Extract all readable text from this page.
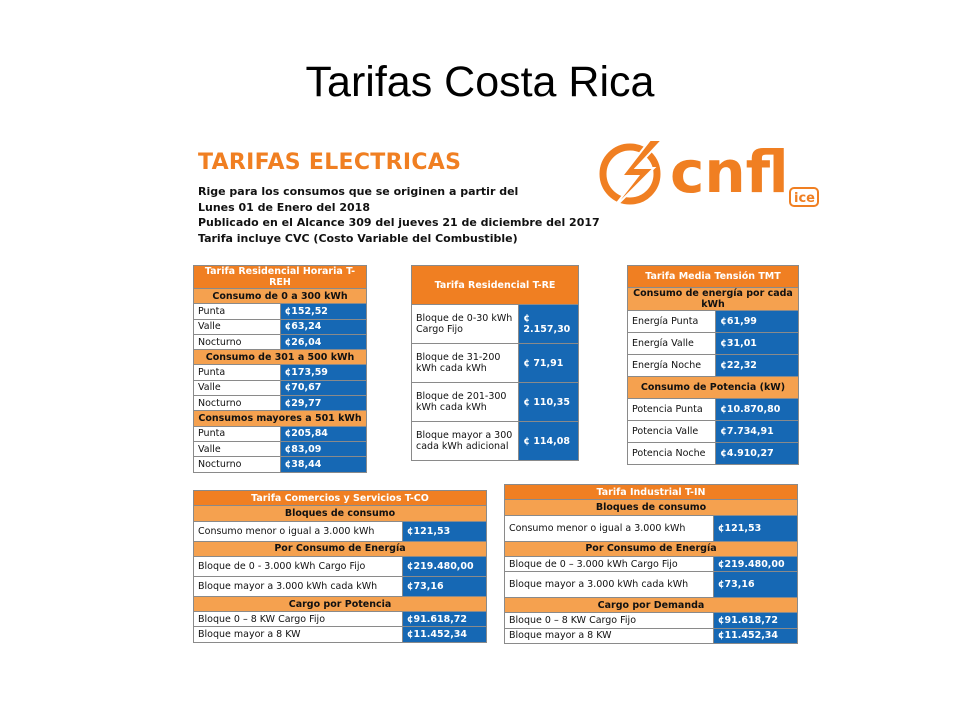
Tarifas Costa Rica
TARIFAS ELECTRICAS
Rige para los consumos que se originen a partir del
Lunes 01 de Enero del 2018
Publicado en el Alcance 309 del jueves 21 de diciembre del 2017
Tarifa incluye CVC (Costo Variable del Combustible)
cnfl ice
Tarifa Residencial Horaria T-REH	
Consumo de 0 a 300 kWh	
Punta	¢152,52
Valle	¢63,24
Nocturno	¢26,04
Consumo de 301 a 500 kWh	
Punta	¢173,59
Valle	¢70,67
Nocturno	¢29,77
Consumos mayores a 501 kWh	
Punta	¢205,84
Valle	¢83,09
Nocturno	¢38,44
Tarifa Residencial T-RE	
Bloque de 0-30 kWh Cargo Fijo	¢ 2.157,30
Bloque de 31-200 kWh cada kWh	¢ 71,91
Bloque de 201-300 kWh cada kWh	¢ 110,35
Bloque mayor a 300 cada kWh adicional	¢ 114,08
Tarifa Media Tensión TMT	
Consumo de energía por cada kWh	
Energía Punta	¢61,99
Energía Valle	¢31,01
Energía Noche	¢22,32
Consumo de Potencia (kW)	
Potencia Punta	¢10.870,80
Potencia Valle	¢7.734,91
Potencia Noche	¢4.910,27
Tarifa Comercios y Servicios T-CO	
Bloques de consumo	
Consumo menor o igual a 3.000 kWh	¢121,53
Por Consumo de Energía	
Bloque de 0 - 3.000 kWh Cargo Fijo	¢219.480,00
Bloque mayor a 3.000 kWh cada kWh	¢73,16
Cargo por Potencia	
Bloque 0 – 8 KW Cargo Fijo	¢91.618,72
Bloque mayor a 8 KW	¢11.452,34
Tarifa Industrial T-IN	
Bloques de consumo	
Consumo menor o igual a 3.000 kWh	¢121,53
Por Consumo de Energía	
Bloque de 0 – 3.000 kWh Cargo Fijo	¢219.480,00
Bloque mayor a 3.000 kWh cada kWh	¢73,16
Cargo por Demanda	
Bloque 0 – 8 KW Cargo Fijo	¢91.618,72
Bloque mayor a 8 KW	¢11.452,34
